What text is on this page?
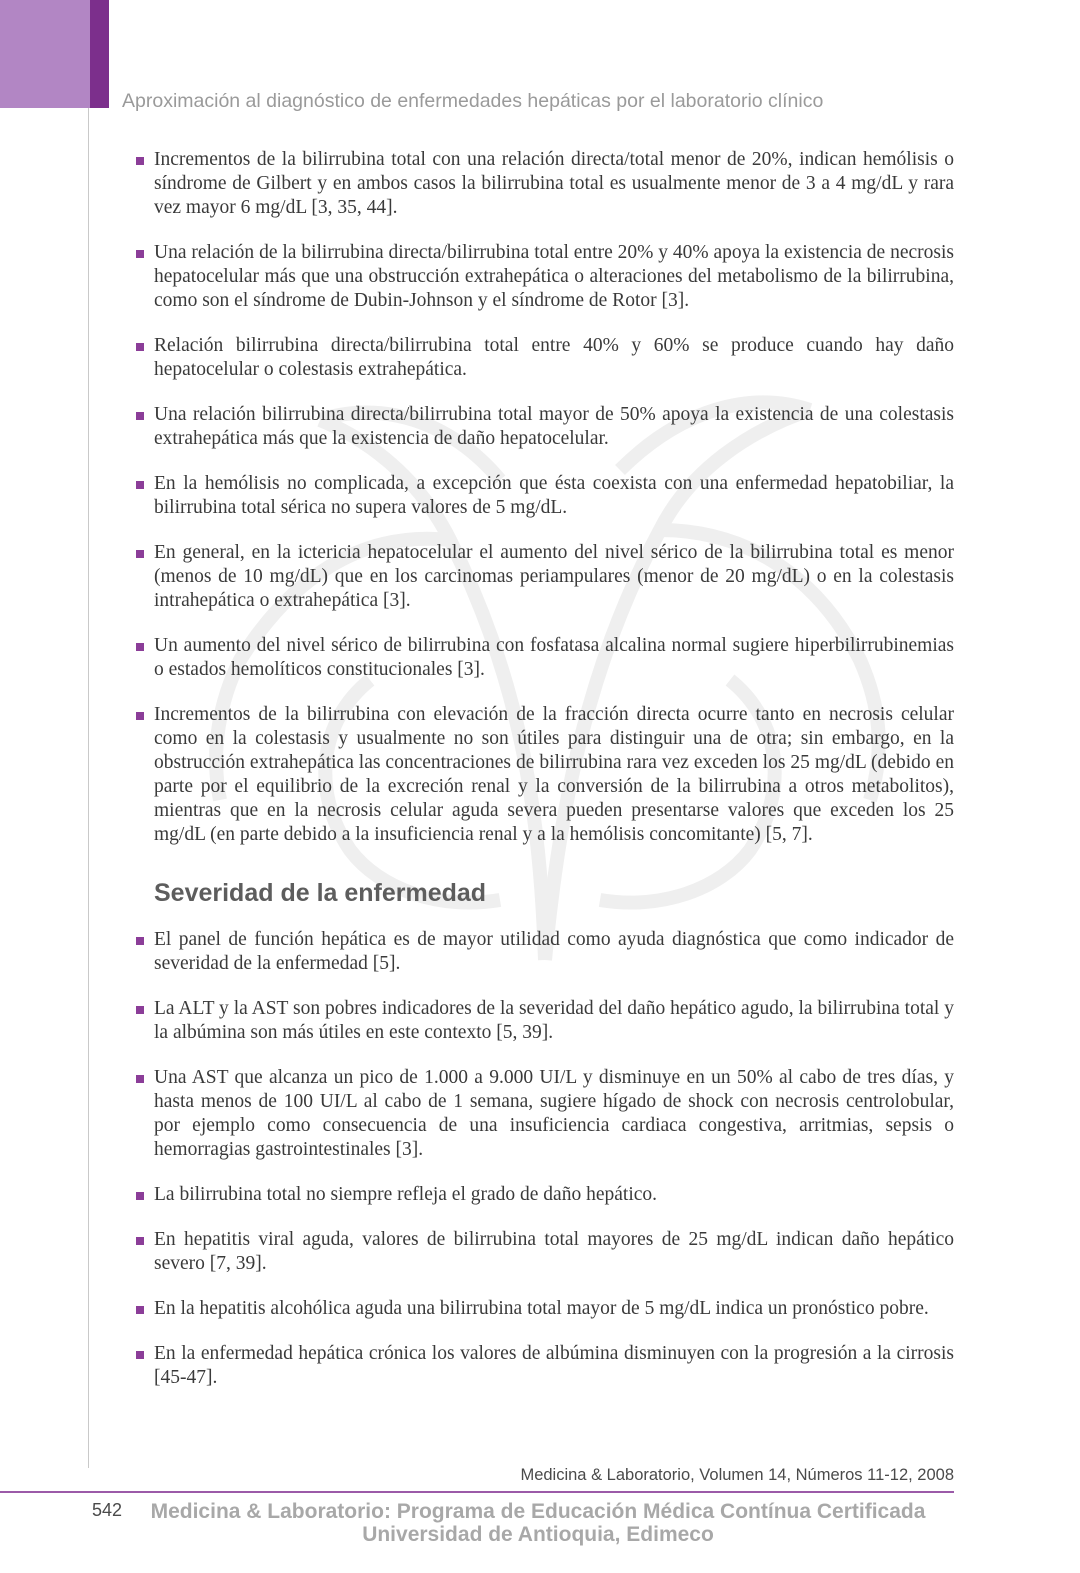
Aproximación al diagnóstico de enfermedades hepáticas por el laboratorio clínico
Incrementos de la bilirrubina total con una relación directa/total menor de 20%, indican hemólisis o síndrome de Gilbert y en ambos casos la bilirrubina total es usualmente menor de 3 a 4 mg/dL y rara vez mayor 6 mg/dL [3, 35, 44].
Una relación de la bilirrubina directa/bilirrubina total entre 20% y 40% apoya la existencia de necrosis hepatocelular más que una obstrucción extrahepática o alteraciones del metabolismo de la bilirrubina, como son el síndrome de Dubin-Johnson y el síndrome de Rotor [3].
Relación bilirrubina directa/bilirrubina total entre 40% y 60% se produce cuando hay daño hepatocelular o colestasis extrahepática.
Una relación bilirrubina directa/bilirrubina total mayor de 50% apoya la existencia de una colestasis extrahepática más que la existencia de daño hepatocelular.
En la hemólisis no complicada, a excepción que ésta coexista con una enfermedad hepatobiliar, la bilirrubina total sérica no supera valores de 5 mg/dL.
En general, en la ictericia hepatocelular el aumento del nivel sérico de la bilirrubina total es menor (menos de 10 mg/dL) que en los carcinomas periampulares (menor de 20 mg/dL) o en la colestasis intrahepática o extrahepática [3].
Un aumento del nivel sérico de bilirrubina con fosfatasa alcalina normal sugiere hiperbilirrubinemias o estados hemolíticos constitucionales [3].
Incrementos de la bilirrubina con elevación de la fracción directa ocurre tanto en necrosis celular como en la colestasis y usualmente no son útiles para distinguir una de otra; sin embargo, en la obstrucción extrahepática las concentraciones de bilirrubina rara vez exceden los 25 mg/dL (debido en parte por el equilibrio de la excreción renal y la conversión de la bilirrubina a otros metabolitos), mientras que en la necrosis celular aguda severa pueden presentarse valores que exceden los 25 mg/dL (en parte debido a la insuficiencia renal y a la hemólisis concomitante) [5, 7].
Severidad de la enfermedad
El panel de función hepática es de mayor utilidad como ayuda diagnóstica que como indicador de severidad de la enfermedad [5].
La ALT y la AST son pobres indicadores de la severidad del daño hepático agudo, la bilirrubina total y la albúmina son más útiles en este contexto [5, 39].
Una AST que alcanza un pico de 1.000 a 9.000 UI/L y disminuye en un 50% al cabo de tres días, y hasta menos de 100 UI/L al cabo de 1 semana, sugiere hígado de shock con necrosis centrolobular, por ejemplo como consecuencia de una insuficiencia cardiaca congestiva, arritmias, sepsis o hemorragias gastrointestinales [3].
La bilirrubina total no siempre refleja el grado de daño hepático.
En hepatitis viral aguda, valores de bilirrubina total mayores de 25 mg/dL indican daño hepático severo [7, 39].
En la hepatitis alcohólica aguda una bilirrubina total mayor de 5 mg/dL indica un pronóstico pobre.
En la enfermedad hepática crónica los valores de albúmina disminuyen con la progresión a la cirrosis [45-47].
Medicina & Laboratorio, Volumen 14, Números 11-12, 2008
542	Medicina & Laboratorio: Programa de Educación Médica Contínua Certificada
Universidad de Antioquia, Edimeco
